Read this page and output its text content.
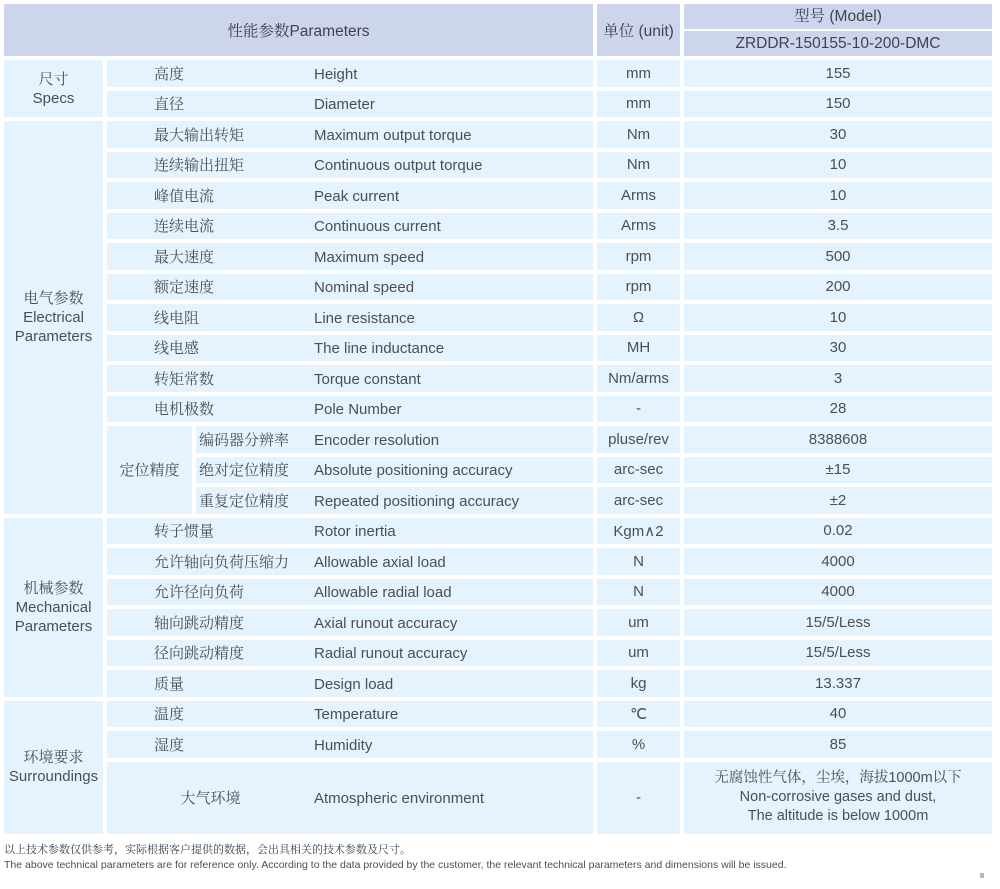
性能参数Parameters			单位 (unit)	型号 (Model)
ZRDDR-150155-10-200-DMC

尺寸
Specs	高度 Height		mm	155
	直径 Diameter		mm	150

电气参数
Electrical
Parameters	最大输出转矩 Maximum output torque		Nm	30
	连续输出扭矩 Continuous output torque		Nm	10
	峰值电流 Peak current		Arms	10
	连续电流 Continuous current		Arms	3.5
	最大速度 Maximum speed		rpm	500
	额定速度 Nominal speed		rpm	200
	线电阻 Line resistance		Ω	10
	线电感 The line inductance		MH	30
	转矩常数 Torque constant		Nm/arms	3
	电机极数 Pole Number		-	28
	定位精度	编码器分辨率 Encoder resolution	pluse/rev	8388608
		绝对定位精度 Absolute positioning accuracy	arc-sec	±15
		重复定位精度 Repeated positioning accuracy	arc-sec	±2

机械参数
Mechanical
Parameters	转子惯量 Rotor inertia		Kgm∧2	0.02
	允许轴向负荷压缩力 Allowable axial load		N	4000
	允许径向负荷 Allowable radial load		N	4000
	轴向跳动精度 Axial runout accuracy		um	15/5/Less
	径向跳动精度 Radial runout accuracy		um	15/5/Less
	质量 Design load		kg	13.337

环境要求
Surroundings	温度 Temperature		℃	40
	湿度 Humidity		%	85
	大气环境 Atmospheric environment		-	无腐蚀性气体，尘埃，海拔1000m以下
Non-corrosive gases and dust,
The altitude is below 1000m
以上技术参数仅供参考，实际根据客户提供的数据，会出具相关的技术参数及尺寸。
The above technical parameters are for reference only. According to the data provided by the customer, the relevant technical parameters and dimensions will be issued.
